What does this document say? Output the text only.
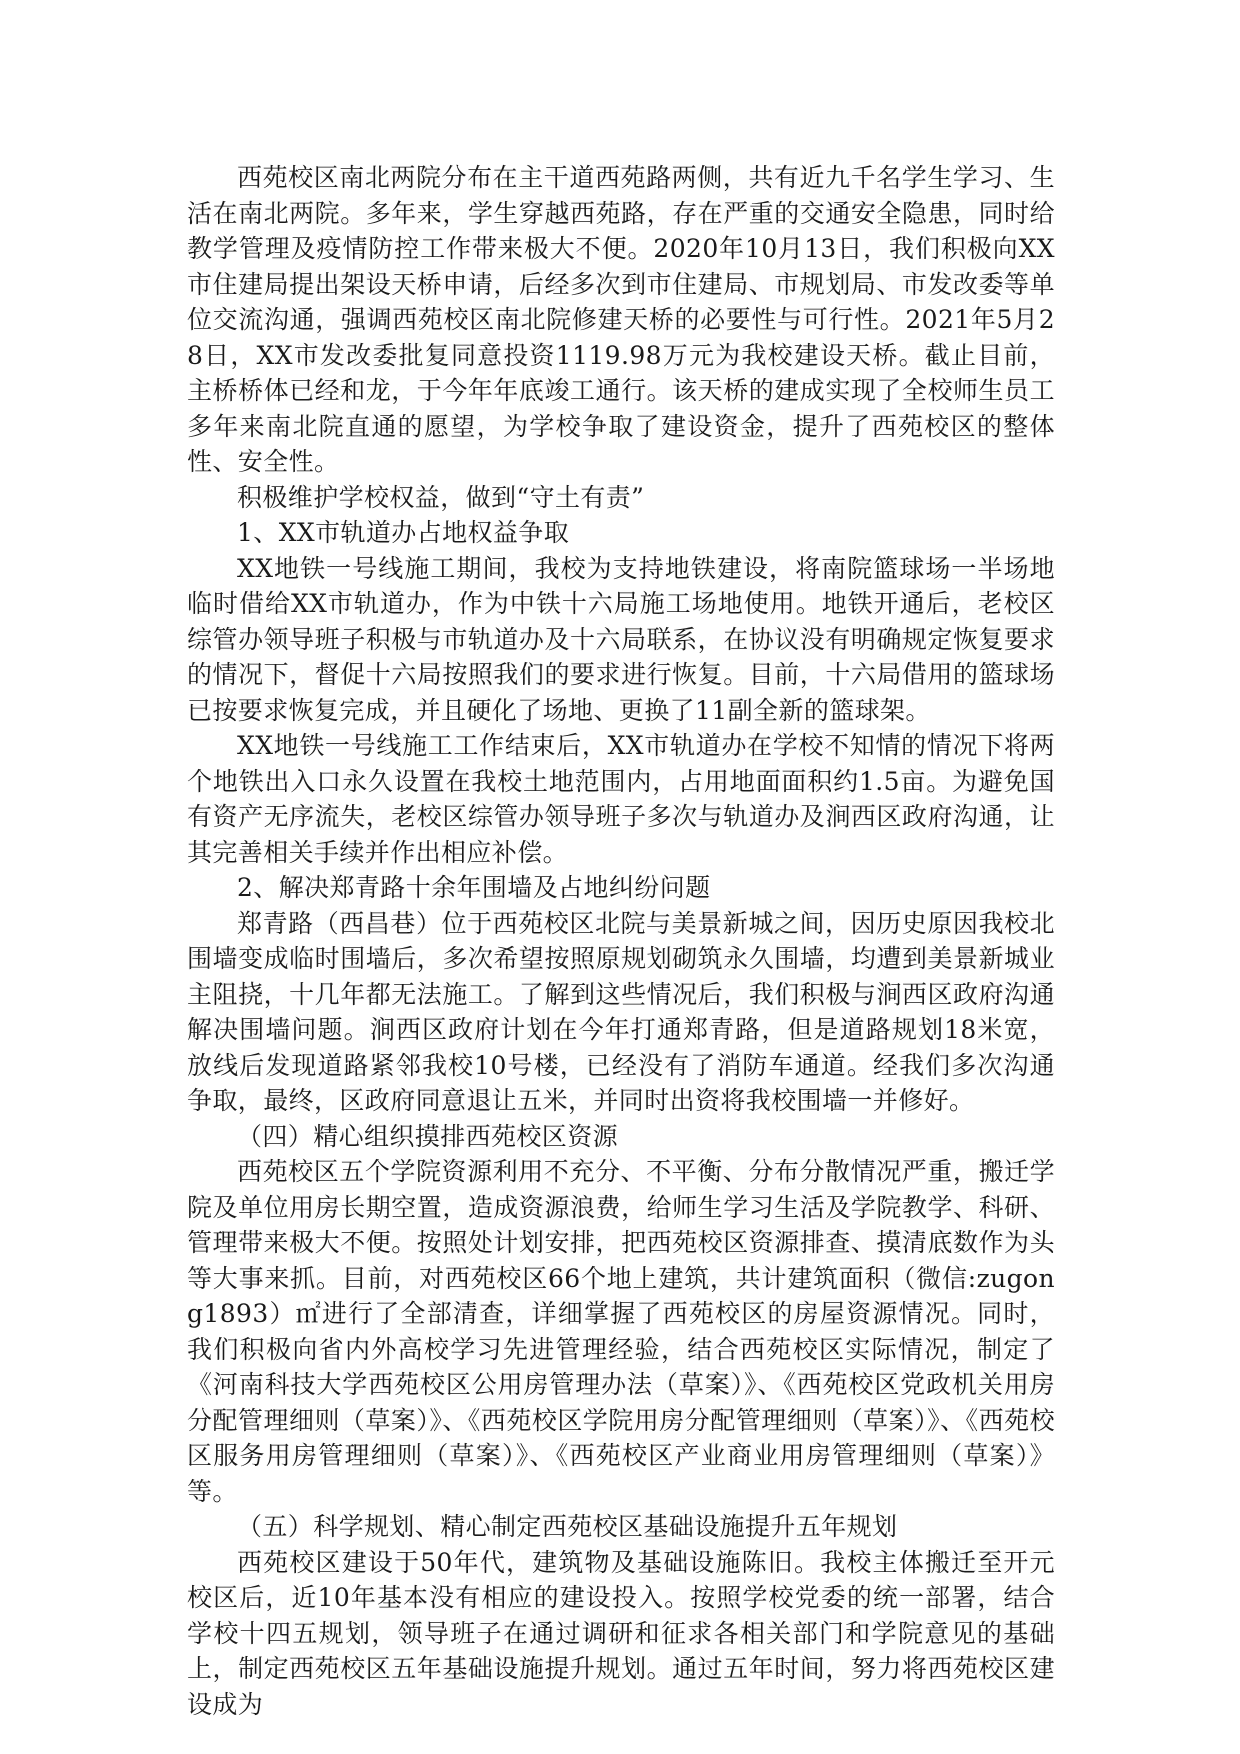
西苑校区南北两院分布在主干道西苑路两侧，共有近九千名学生学习、生活在南北两院。多年来，学生穿越西苑路，存在严重的交通安全隐患，同时给教学管理及疫情防控工作带来极大不便。2020年10月13日，我们积极向XX市住建局提出架设天桥申请，后经多次到市住建局、市规划局、市发改委等单位交流沟通，强调西苑校区南北院修建天桥的必要性与可行性。2021年5月28日，XX市发改委批复同意投资1119.98万元为我校建设天桥。截止目前，主桥桥体已经和龙，于今年年底竣工通行。该天桥的建成实现了全校师生员工多年来南北院直通的愿望，为学校争取了建设资金，提升了西苑校区的整体性、安全性。

积极维护学校权益，做到“守土有责”

1、XX市轨道办占地权益争取

XX地铁一号线施工期间，我校为支持地铁建设，将南院篮球场一半场地临时借给XX市轨道办，作为中铁十六局施工场地使用。地铁开通后，老校区综管办领导班子积极与市轨道办及十六局联系，在协议没有明确规定恢复要求的情况下，督促十六局按照我们的要求进行恢复。目前，十六局借用的篮球场已按要求恢复完成，并且硬化了场地、更换了11副全新的篮球架。

XX地铁一号线施工工作结束后，XX市轨道办在学校不知情的情况下将两个地铁出入口永久设置在我校土地范围内，占用地面面积约1.5亩。为避免国有资产无序流失，老校区综管办领导班子多次与轨道办及涧西区政府沟通，让其完善相关手续并作出相应补偿。

2、解决郑青路十余年围墙及占地纠纷问题

郑青路（西昌巷）位于西苑校区北院与美景新城之间，因历史原因我校北围墙变成临时围墙后，多次希望按照原规划砌筑永久围墙，均遭到美景新城业主阻挠，十几年都无法施工。了解到这些情况后，我们积极与涧西区政府沟通解决围墙问题。涧西区政府计划在今年打通郑青路，但是道路规划18米宽，放线后发现道路紧邻我校10号楼，已经没有了消防车通道。经我们多次沟通争取，最终，区政府同意退让五米，并同时出资将我校围墙一并修好。

（四）精心组织摸排西苑校区资源

西苑校区五个学院资源利用不充分、不平衡、分布分散情况严重，搬迁学院及单位用房长期空置，造成资源浪费，给师生学习生活及学院教学、科研、管理带来极大不便。按照处计划安排，把西苑校区资源排查、摸清底数作为头等大事来抓。目前，对西苑校区66个地上建筑，共计建筑面积（微信:zugong1893）㎡进行了全部清查，详细掌握了西苑校区的房屋资源情况。同时，我们积极向省内外高校学习先进管理经验，结合西苑校区实际情况，制定了《河南科技大学西苑校区公用房管理办法（草案）》、《西苑校区党政机关用房分配管理细则（草案）》、《西苑校区学院用房分配管理细则（草案）》、《西苑校区服务用房管理细则（草案）》、《西苑校区产业商业用房管理细则（草案）》等。

（五）科学规划、精心制定西苑校区基础设施提升五年规划

西苑校区建设于50年代，建筑物及基础设施陈旧。我校主体搬迁至开元校区后，近10年基本没有相应的建设投入。按照学校党委的统一部署，结合学校十四五规划，领导班子在通过调研和征求各相关部门和学院意见的基础上，制定西苑校区五年基础设施提升规划。通过五年时间，努力将西苑校区建设成为
